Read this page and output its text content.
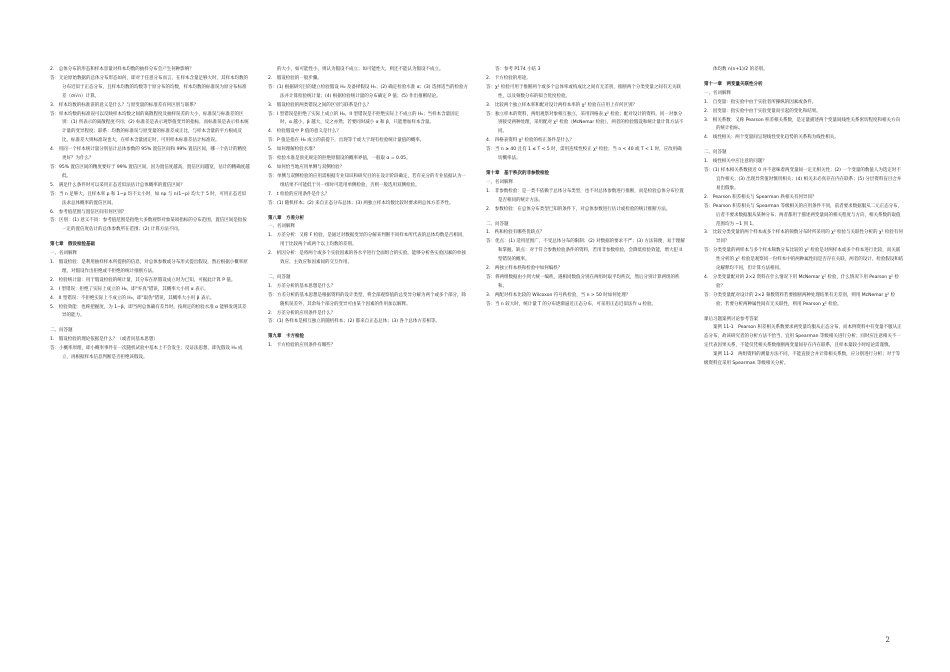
2.　总体分布的形态和样本容量对样本均数的抽样分布会产生何种影响？

答：无论原始数据的总体分布形态如何，即对于任意分布而言，在样本含量足够大时，其样本均数的分布近似于正态分布，且样本均数的均数等于原分布的均数，样本均数的标准误为原分布标准差（σ/√n）计算。

3.　样本均数的标准误的意义是什么？与原变量的标准差有何区别与联系？

答：样本均数的标准误可以反映样本均数之间的离散程度及抽样误差的大小，标准误与标准差的区别：(1) 所表示的离散程度不同；(2) 标准差是表示观察值变异的指标，而标准误是表示样本统计量的变异程度；联系：均数的标准误与原变量的标准差成正比，与样本含量的平方根成反比，标准差大则标准误也大，在样本含量固定时，可用样本标准差估计标准误。

4.　用同一个样本统计量分别估计总体参数的 95% 置信区间和 99% 置信区间，哪一个估计的精度更好？为什么？

答：95% 置信区间的精度要好于 99% 置信区间，因为置信度越高，置信区间越宽，估计的精确度越低。

5.　满足什么条件时可以采用正态近似法估计总体概率的置信区间？

答：当 n 足够大，且样本率 p 和 1−p 均不太小时，如 np 与 n(1−p) 均大于 5 时，可用正态近似法求总体概率的置信区间。

6.　参考值范围与置信区间有何区别？

答：区别：(1) 意义不同：参考值范围是指绝大多数观察对象某项指标的分布范围，置信区间是指按一定的置信度估计的总体参数所在范围；(2) 计算方法不同。

第七章　假设检验基础

一、名词解释

1.　假设检验：是利用抽样样本所提供的信息，对总体参数或分布形式提出假设，然后根据小概率原理，对假设作出拒绝或不拒绝的统计推断方法。

2.　检验统计量：用于假设检验的统计量，其分布在原假设成立时为已知，可据此计算 P 值。

3.　I 型错误：拒绝了实际上成立的 H₀，即"弃真"错误，其概率大小用 α 表示。

4.　II 型错误：不拒绝实际上不成立的 H₀，即"取伪"错误，其概率大小用 β 表示。

5.　检验效能：也称把握度，为 1−β，即当两总体确有差异时，按规定的检验水准 α 能够发现其差异的能力。

二、问答题

1.　假设检验的理论依据是什么？（或者问基本思想）

答：小概率原理，即小概率事件在一次随机试验中基本上不会发生；反证法思想，即先假设 H₀ 成立，再根据样本信息判断是否拒绝该假设。

的大小，如可能性小，则认为假设不成立；如可能性大，则还不能认为假设不成立。

2.　假设检验的一般步骤。

答：(1) 根据研究目的建立检验假设 H₀ 及备择假设 H₁；(2) 确定检验水准 α；(3) 选择适当的检验方法并计算检验统计量；(4) 根据检验统计量的分布确定 P 值；(5) 作出推断结论。

3.　假设检验的两类错误之间的区别与联系是什么？

答：I 型错误是拒绝了实际上成立的 H₀，II 型错误是不拒绝实际上不成立的 H₀；当样本含量固定时，α 越小，β 越大，反之亦然；若要同时减小 α 和 β，只能增加样本含量。

4.　检验假设中 P 值的意义是什么？

答：P 值是指在 H₀ 成立的前提下，出现等于或大于现有检验统计量值的概率。

5.　如何理解检验水准？

答：检验水准是预先规定的拒绝原假设的概率界值，一般取 α = 0.05。

6.　如何恰当地应用单侧与双侧检验？

答：单侧与双侧检验的应用需根据专业知识和研究目的在设计阶段确定，若有充分的专业依据认为一组结果不可能低于另一组时可选用单侧检验，否则一般选用双侧检验。

7.　t 检验的应用条件是什么？

答：(1) 随机样本；(2) 来自正态分布总体；(3) 两独立样本均数比较时要求两总体方差齐性。

第八章　方差分析

一、名词解释

1.　方差分析：又称 F 检验，是通过对数据变异的分解来判断不同样本所代表的总体均数是否相同，用于比较两个或两个以上均数的差别。

2.　析因分析：是将两个或多个实验因素的各水平进行全面组合的实验，能够分析各实验因素的单独效应、主效应和因素间的交互作用。

二、问答题

1.　方差分析的基本思想是什么？

答：方差分析的基本思想是根据资料的设计类型，将全部观察值的总变异分解为两个或多个部分，除随机误差外，其余每个部分的变异可由某个因素的作用加以解释。

2.　方差分析的应用条件是什么？

答：(1) 各样本是相互独立的随机样本；(2) 都来自正态总体；(3) 各个总体方差相等。

第九章　卡方检验

1.　卡方检验的应用条件有哪些？

答：参考 P174 小结 3

2.　卡方检验的用途。

答：χ² 检验可用于推断两个或多个总体率或构成比之间有无差别，推断两个分类变量之间有无关联性，以及频数分布的拟合优度检验。

3.　比较两个独立样本率和配对设计两样本率的 χ² 检验在应用上有何区别？

答：独立样本的资料，两组观察对象相互独立，采用四格表 χ² 检验；配对设计的资料，同一对象分别接受两种处理，采用配对 χ² 检验（McNemar 检验），两者的检验假设和统计量计算方法不同。

4.　四格表资料 χ² 检验的校正条件是什么？

答：当 n ≥ 40 且有 1 ≤ T < 5 时，需用连续性校正 χ² 检验；当 n < 40 或 T < 1 时，应改用确切概率法。

第十章　基于秩次的非参数检验

一、名词解释

1.　非参数检验：是一类不依赖于总体分布类型，也不对总体参数进行推断，而是检验总体分布位置是否相同的统计方法。

2.　参数检验：在总体分布类型已知的条件下，对总体参数进行估计或检验的统计推断方法。

二、问答题

1.　秩和检验有哪些优缺点？

答：优点：(1) 适用范围广，不受总体分布的限制；(2) 对数据的要求不严；(3) 方法简便，易于理解和掌握。缺点：对于符合参数检验条件的资料，若用非参数检验，会降低检验效能，增大犯 II 型错误的概率。

2.　两独立样本秩和检验中如何编秩？

答：将两组数据由小到大统一编秩，遇相同数值分别在两组时取平均秩次，然后分别计算两组的秩和。

3.　两配对样本比较的 Wilcoxon 符号秩检验，当 n > 50 时如何处理？

答：当 n 较大时，统计量 T 的分布逐渐逼近正态分布，可采用正态近似法作 u 检验。

体均数 n(n+1)/2 的差别。

第十一章　两变量关联性分析

一、名词解释

1.　自变量：指实验中由于实验者所操纵的因素或条件。

2.　因变量：指实验中由于实验变量而引起的变化和结果。

3.　相关系数：又称 Pearson 积差相关系数，是定量描述两个变量间线性关系密切程度和相关方向的统计指标。

4.　线性相关：两个变量间呈现线性变化趋势的关系称为线性相关。

二、问答题

1.　线性相关中应注意的问题？

答：(1) 样本相关系数接近 0 并不意味着两变量间一定无相关性；(2) 一个变量的数值人为选定时不宜作相关；(3) 出现异常值时慎用相关；(4) 相关未必真存在内在联系；(5) 分层资料盲目合并易出假象。

2.　Pearson 积差相关与 Spearman 秩相关有何异同？

答：Pearson 积差相关与 Spearman 等级相关的应用条件不同，前者要求数据服从二元正态分布，后者不要求数据服从某种分布；两者都用于描述两变量间的相关程度与方向，相关系数的取值范围均为 −1 到 1。

3.　比较分类变量的两个样本或多个样本的频数分布时所采用的 χ² 检验与关联性分析的 χ² 检验有何异同？

答：分类变量的两样本与多个样本频数分布比较的 χ² 检验是对两样本或多个样本进行比较，而关联性分析的 χ² 检验是观察同一份样本中的两种属性间是否存在关联，两者的设计、检验假设和结论解释均不同，但计算方法相同。

4.　分类变量配对的 2×2 资料在什么情况下用 McNemar χ² 检验，什么情况下用 Pearson χ² 检验？

答：分类变量配对设计的 2×2 频数资料若要推断两种处理结果有无差别，则用 McNemar χ² 检验；若要分析两种属性间有无关联性，则用 Pearson χ² 检验。

课后习题案例讨论参考答案

案例 11-1　Pearson 积差相关系数要求两变量均服从正态分布，而本例资料中有变量不服从正态分布，故该研究者的分析方法不恰当，宜用 Spearman 等级相关进行分析；同时应注意相关不一定代表因果关系，不能仅凭相关系数推断两变量间存在内在联系，且样本量较小时结论需谨慎。

案例 11-2　两组资料的测量方法不同，不能直接合并计算相关系数，应分别进行分析；对于等级资料宜采用 Spearman 等级相关分析。

2
